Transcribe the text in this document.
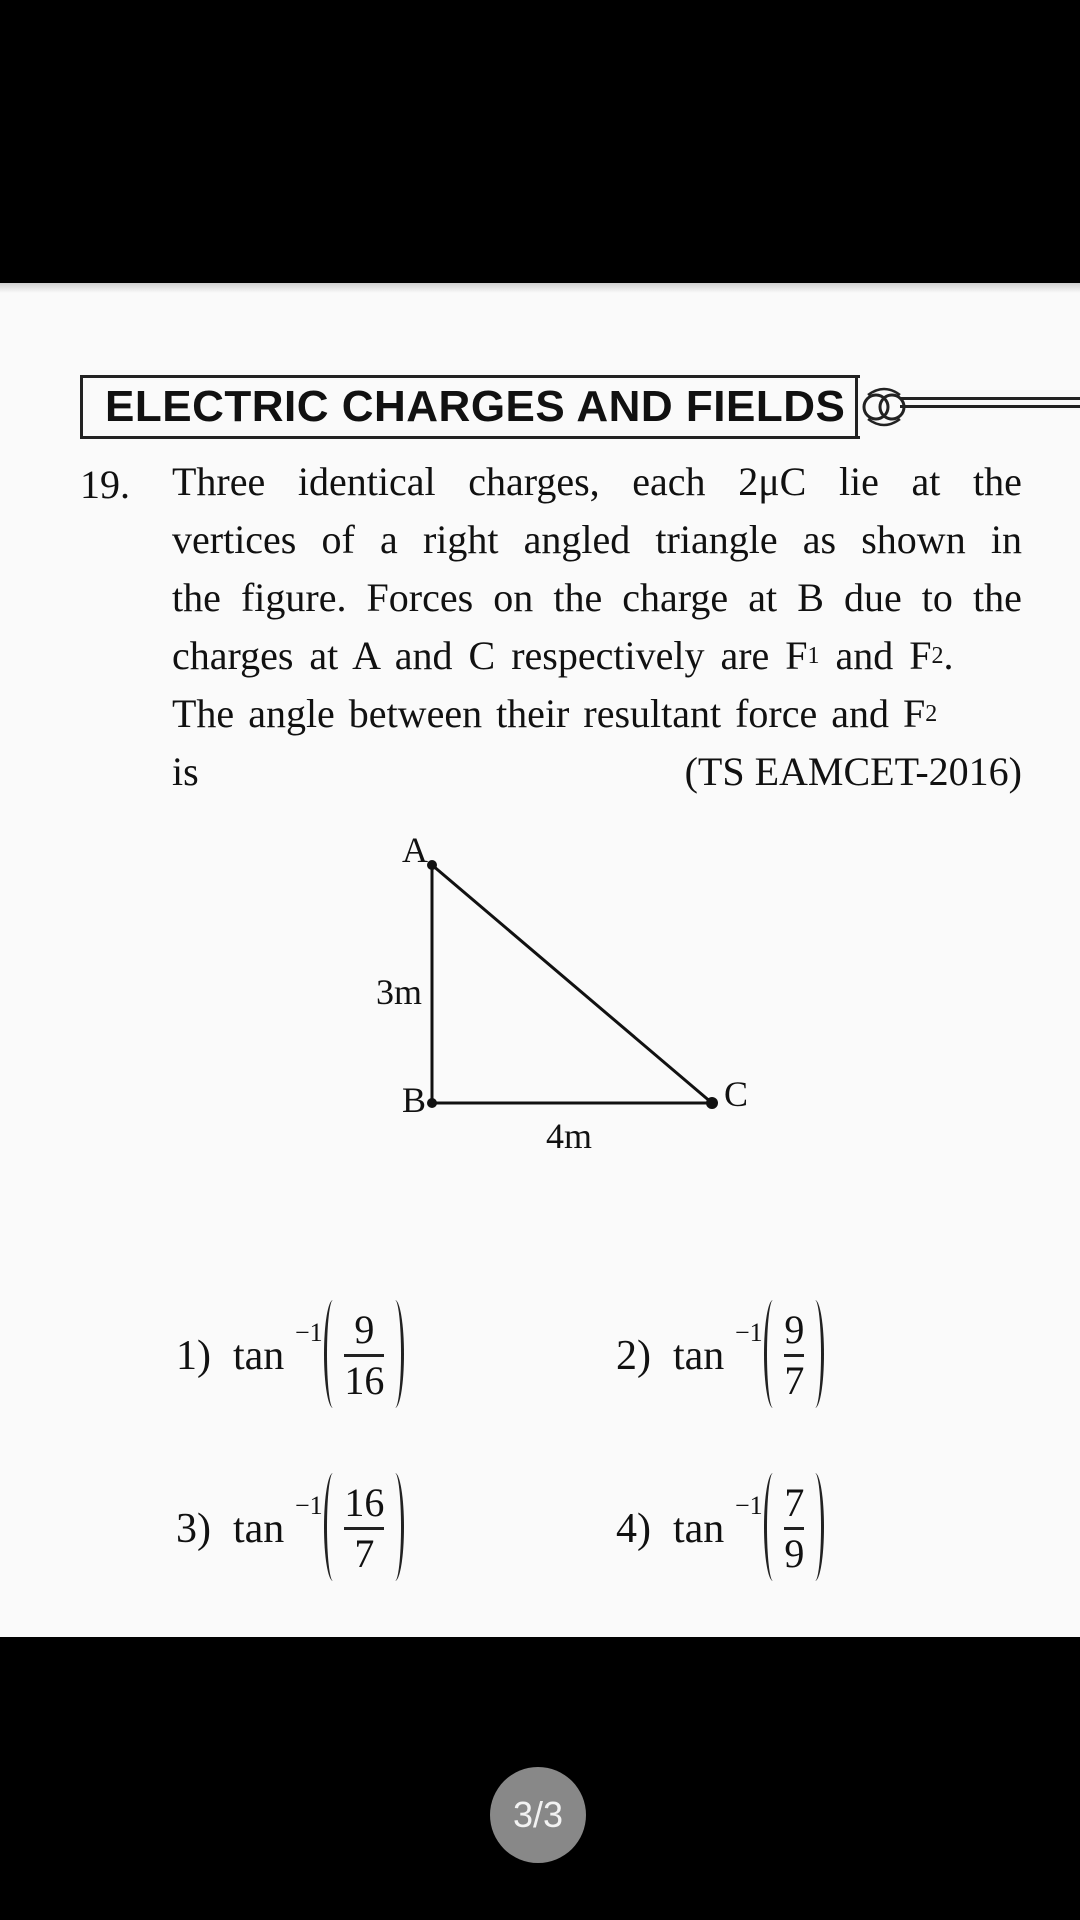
ELECTRIC CHARGES AND FIELDS
19. Three identical charges, each 2μC lie at the
vertices of a right angled triangle as shown in
the figure. Forces on the charge at B due to the
charges at A and C respectively are F 1 and F 2 .
The angle between their resultant force and F 2
is	(TS EAMCET-2016)
A
B	C
3m
4m
1) tan
$-1 \frac{9}{16}$	2) tan
$-1 \frac{9}{7}$
3) tan
$-1 \frac{16}{7}$	4) tan
$-1 \frac{7}{9}$
3/3
